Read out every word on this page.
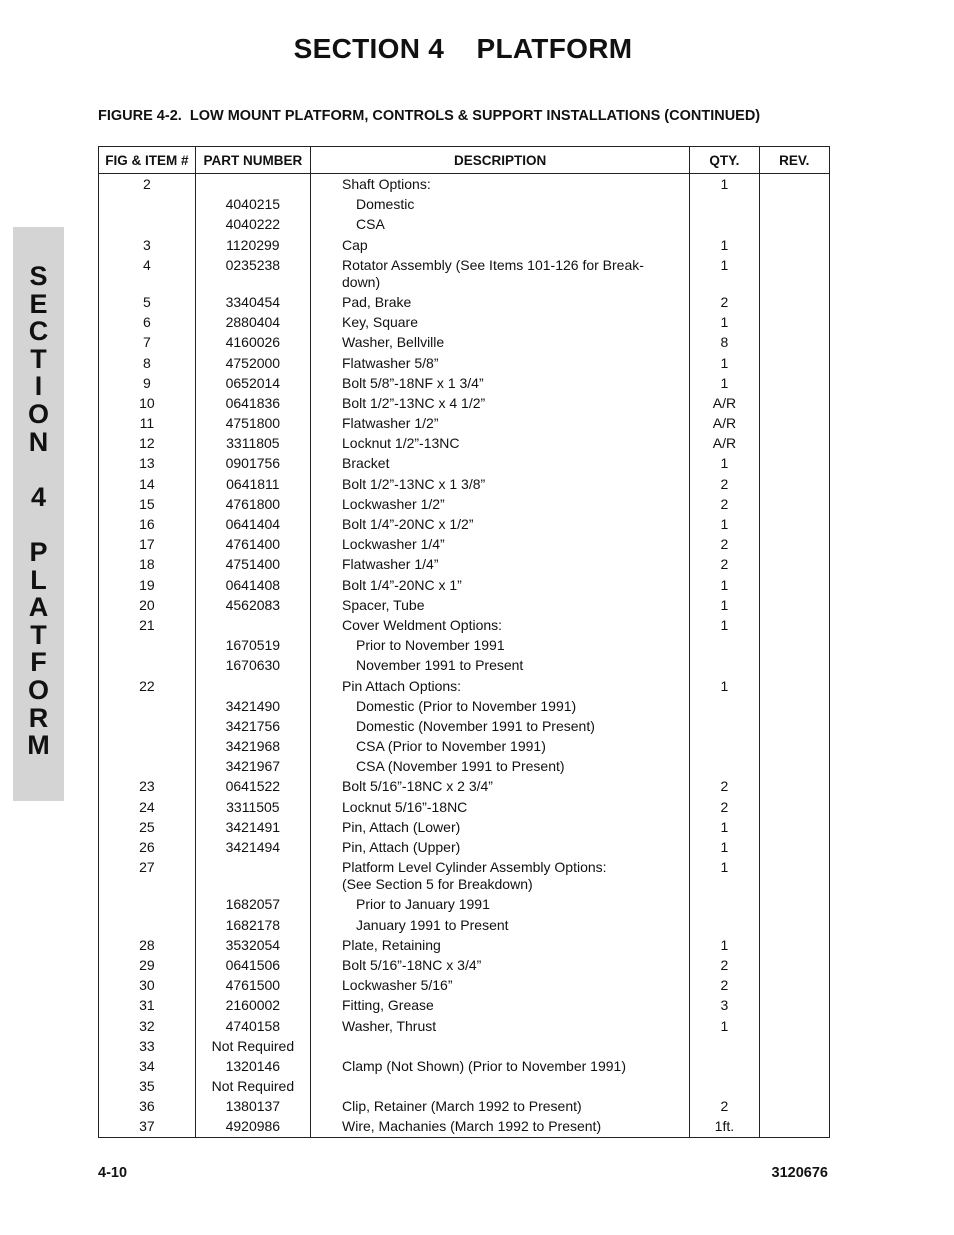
SECTION 4    PLATFORM
FIGURE 4-2.  LOW MOUNT PLATFORM, CONTROLS & SUPPORT INSTALLATIONS (CONTINUED)
S
E
C
T
I
O
N
4
P
L
A
T
F
O
R
M
FIG & ITEM #	PART NUMBER	DESCRIPTION	QTY.	REV.
2		Shaft Options:	1	
	4040215	Domestic		
	4040222	CSA		
3	1120299	Cap	1	
4	0235238	Rotator Assembly (See Items 101-126 for Break-
down)	1	
5	3340454	Pad, Brake	2	
6	2880404	Key, Square	1	
7	4160026	Washer, Bellville	8	
8	4752000	Flatwasher 5/8”	1	
9	0652014	Bolt 5/8”-18NF x 1 3/4”	1	
10	0641836	Bolt 1/2”-13NC x 4 1/2”	A/R	
11	4751800	Flatwasher 1/2”	A/R	
12	3311805	Locknut 1/2”-13NC	A/R	
13	0901756	Bracket	1	
14	0641811	Bolt 1/2”-13NC x 1 3/8”	2	
15	4761800	Lockwasher 1/2”	2	
16	0641404	Bolt 1/4”-20NC x 1/2”	1	
17	4761400	Lockwasher 1/4”	2	
18	4751400	Flatwasher 1/4”	2	
19	0641408	Bolt 1/4”-20NC x 1”	1	
20	4562083	Spacer, Tube	1	
21		Cover Weldment Options:	1	
	1670519	Prior to November 1991		
	1670630	November 1991 to Present		
22		Pin Attach Options:	1	
	3421490	Domestic (Prior to November 1991)		
	3421756	Domestic (November 1991 to Present)		
	3421968	CSA (Prior to November 1991)		
	3421967	CSA (November 1991 to Present)		
23	0641522	Bolt 5/16”-18NC x 2 3/4”	2	
24	3311505	Locknut 5/16”-18NC	2	
25	3421491	Pin, Attach (Lower)	1	
26	3421494	Pin, Attach (Upper)	1	
27		Platform Level Cylinder Assembly Options:
(See Section 5 for Breakdown)	1	
	1682057	Prior to January 1991		
	1682178	January 1991 to Present		
28	3532054	Plate, Retaining	1	
29	0641506	Bolt 5/16”-18NC x 3/4”	2	
30	4761500	Lockwasher 5/16”	2	
31	2160002	Fitting, Grease	3	
32	4740158	Washer, Thrust	1	
33	Not Required			
34	1320146	Clamp (Not Shown) (Prior to November 1991)		
35	Not Required			
36	1380137	Clip, Retainer (March 1992 to Present)	2	
37	4920986	Wire, Machanies (March 1992 to Present)	1ft.	
4-10	3120676
